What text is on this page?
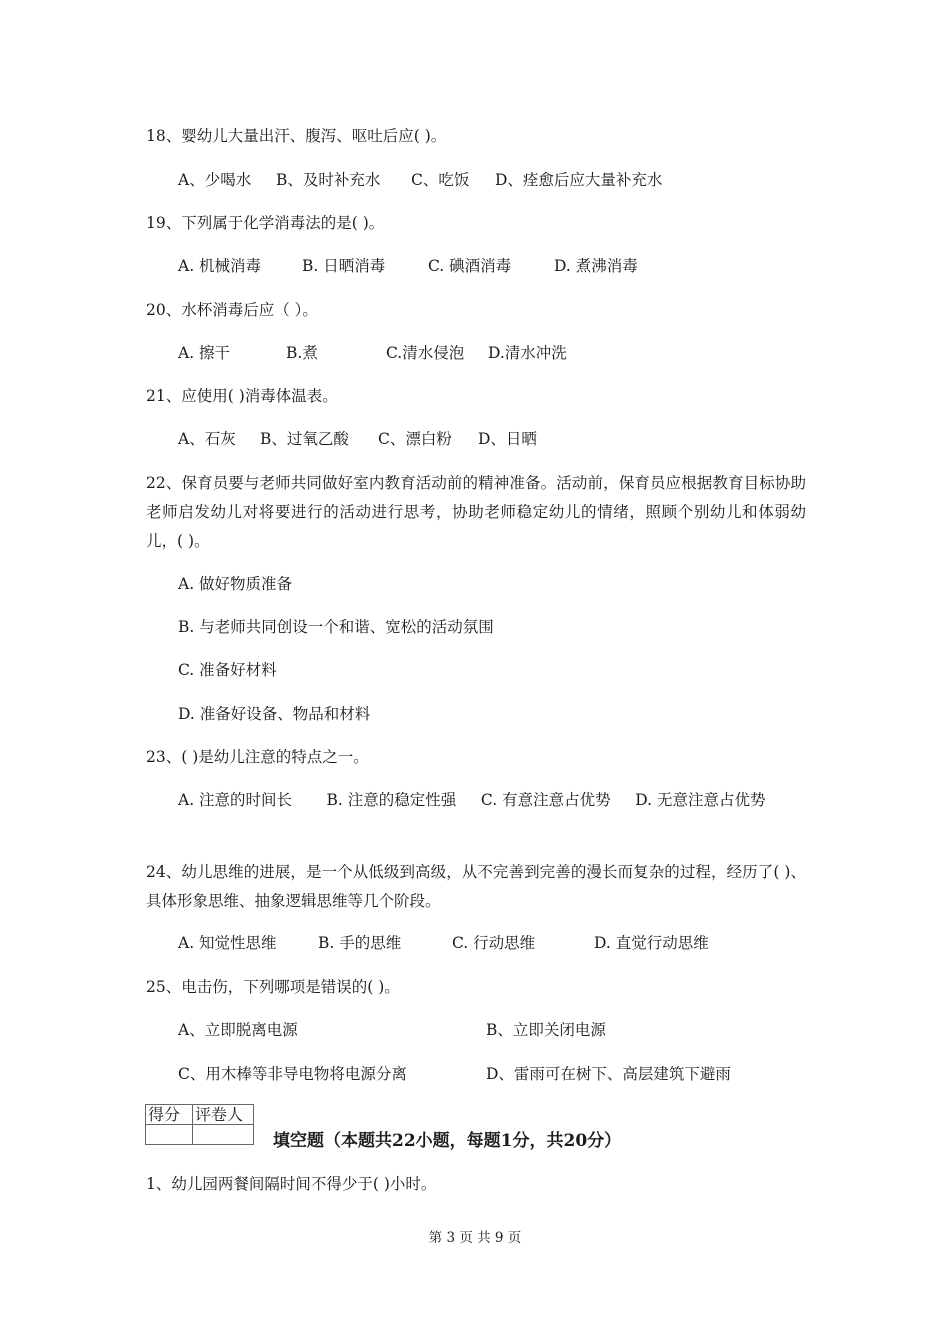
18、婴幼儿大量出汗、腹泻、呕吐后应( )。
A、少喝水 B、及时补充水 C、吃饭 D、痊愈后应大量补充水
19、下列属于化学消毒法的是( )。
A. 机械消毒	B. 日晒消毒	C. 碘酒消毒	D. 煮沸消毒
20、水杯消毒后应（ ）。
A. 擦干	B.煮	C.清水侵泡 D.清水冲洗
21、应使用( )消毒体温表。
A、石灰 B、过氧乙酸 C、漂白粉 D、日晒
22、保育员要与老师共同做好室内教育活动前的精神准备。活动前，保育员应根据教育目标协助老师启发幼儿对将要进行的活动进行思考，协助老师稳定幼儿的情绪，照顾个别幼儿和体弱幼儿，( )。
A. 做好物质准备
B. 与老师共同创设一个和谐、宽松的活动氛围
C. 准备好材料
D. 准备好设备、物品和材料
23、( )是幼儿注意的特点之一。
A. 注意的时间长       B. 注意的稳定性强     C. 有意注意占优势     D. 无意注意占优势
24、幼儿思维的进展，是一个从低级到高级，从不完善到完善的漫长而复杂的过程，经历了( )、具体形象思维、抽象逻辑思维等几个阶段。
A. 知觉性思维	B. 手的思维	C. 行动思维	D. 直觉行动思维
25、电击伤，下列哪项是错误的( )。
A、立即脱离电源	B、立即关闭电源
C、用木棒等非导电物将电源分离	D、雷雨可在树下、高层建筑下避雨
得分	评卷人

填空题（本题共22小题，每题1分，共20分）
1、幼儿园两餐间隔时间不得少于( )小时。
第 3 页 共 9 页
